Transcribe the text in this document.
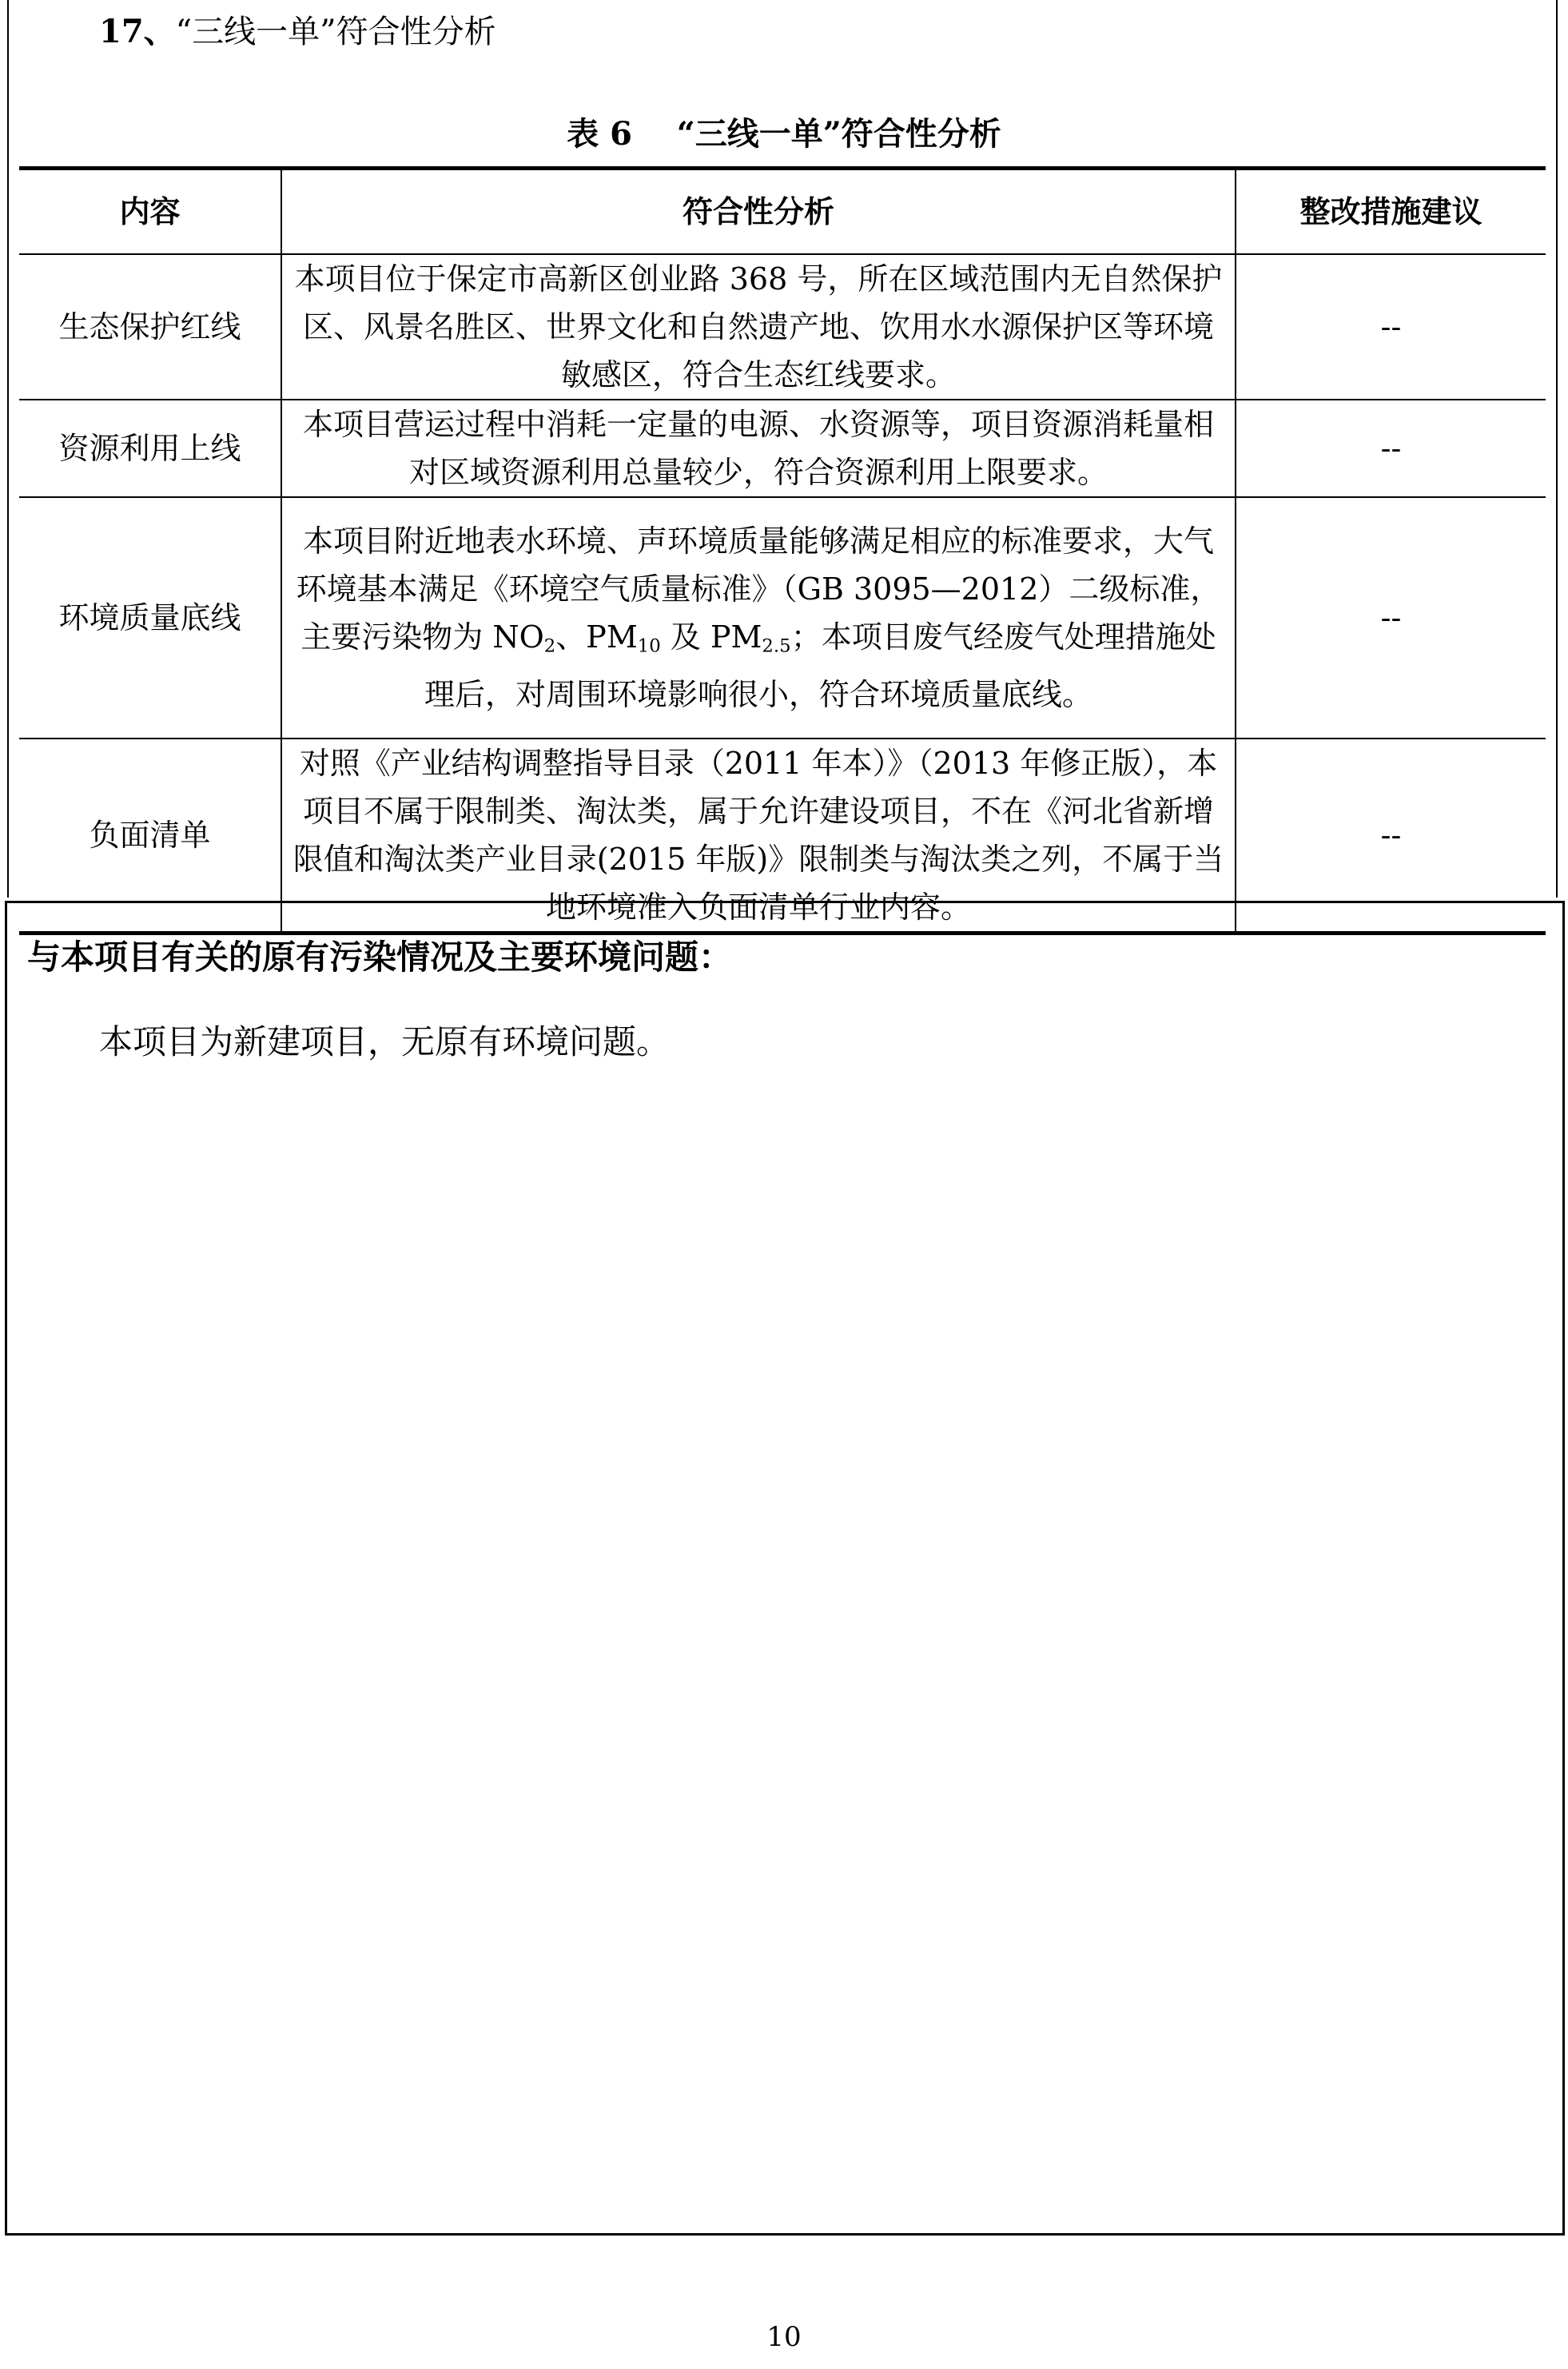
17、“三线一单”符合性分析
表 6 “三线一单”符合性分析
内容	符合性分析	整改措施建议
生态保护红线	本项目位于保定市高新区创业路 368 号，所在区域范围内无自然保护区、风景名胜区、世界文化和自然遗产地、饮用水水源保护区等环境敏感区，符合生态红线要求。	--
资源利用上线	本项目营运过程中消耗一定量的电源、水资源等，项目资源消耗量相对区域资源利用总量较少，符合资源利用上限要求。	--
环境质量底线	本项目附近地表水环境、声环境质量能够满足相应的标准要求，大气环境基本满足《环境空气质量标准》（GB 3095—2012）二级标准，主要污染物为 $NO_2$、$PM_{10}$ 及 $PM_{2.5}$；本项目废气经废气处理措施处理后，对周围环境影响很小，符合环境质量底线。	--
负面清单	对照《产业结构调整指导目录（2011 年本）》（2013 年修正版），本项目不属于限制类、淘汰类，属于允许建设项目，不在《河北省新增限值和淘汰类产业目录(2015 年版)》限制类与淘汰类之列，不属于当地环境准入负面清单行业内容。	--
与本项目有关的原有污染情况及主要环境问题：
本项目为新建项目，无原有环境问题。
10
